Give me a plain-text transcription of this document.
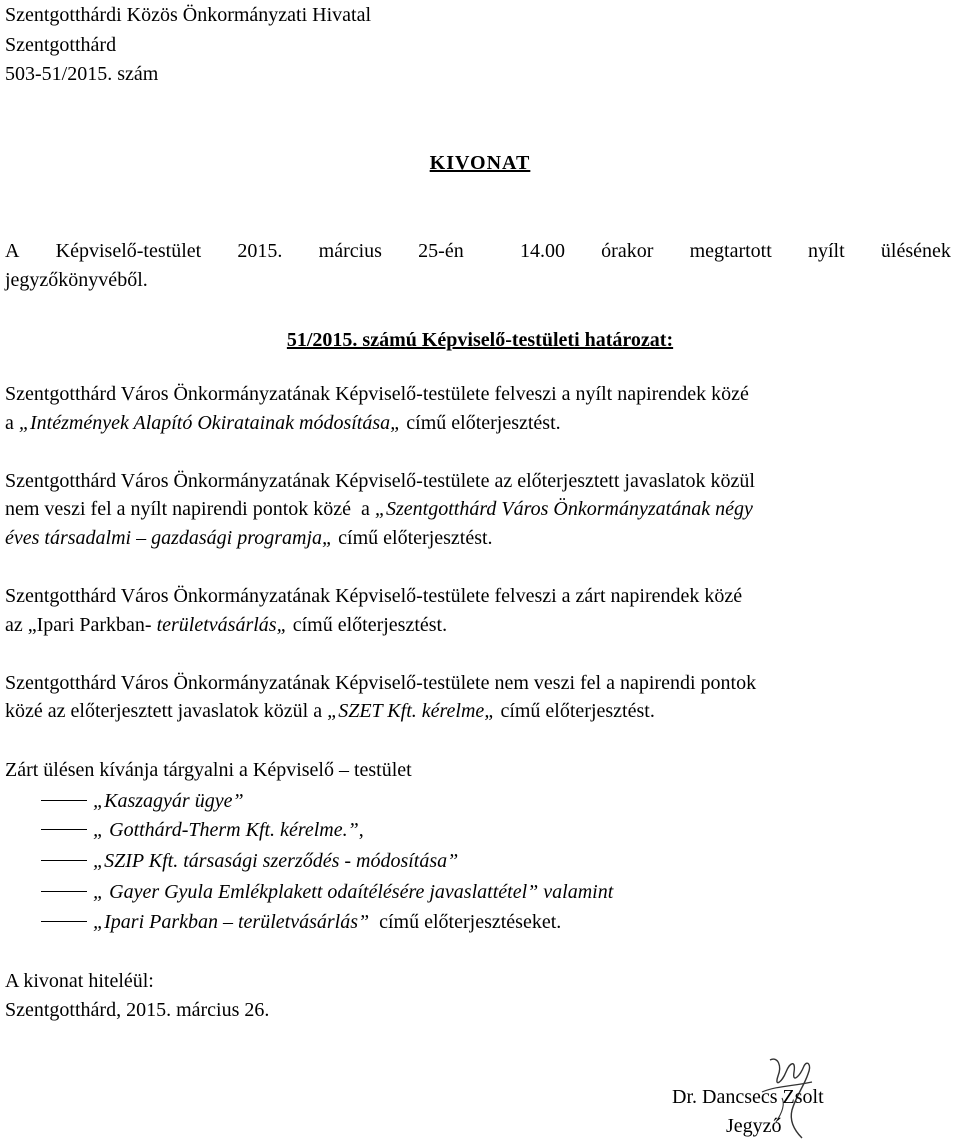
Szentgotthárdi Közös Önkormányzati Hivatal
Szentgotthárd
503-51/2015. szám
KIVONAT
A Képviselő-testület 2015. március 25-én	14.00 órakor megtartott nyílt ülésének
jegyzőkönyvéből.
51/2015. számú Képviselő-testületi határozat:
Szentgotthárd Város Önkormányzatának Képviselő-testülete felveszi a nyílt napirendek közé
a „Intézmények Alapító Okiratainak módosítása„ című előterjesztést.
Szentgotthárd Város Önkormányzatának Képviselő-testülete az előterjesztett javaslatok közül
nem veszi fel a nyílt napirendi pontok közé  a „Szentgotthárd Város Önkormányzatának négy
éves társadalmi – gazdasági programja„ című előterjesztést.
Szentgotthárd Város Önkormányzatának Képviselő-testülete felveszi a zárt napirendek közé
az „Ipari Parkban- területvásárlás„ című előterjesztést.
Szentgotthárd Város Önkormányzatának Képviselő-testülete nem veszi fel a napirendi pontok
közé az előterjesztett javaslatok közül a „SZET Kft. kérelme„ című előterjesztést.
Zárt ülésen kívánja tárgyalni a Képviselő – testület
„Kaszagyár ügye”
„ Gotthárd-Therm Kft. kérelme.”,
„SZIP Kft. társasági szerződés - módosítása”
„ Gayer Gyula Emlékplakett odaítélésére javaslattétel” valamint
„Ipari Parkban – területvásárlás”  című előterjesztéseket.
A kivonat hiteléül:
Szentgotthárd, 2015. március 26.
Dr. Dancsecs Zsolt
Jegyző
